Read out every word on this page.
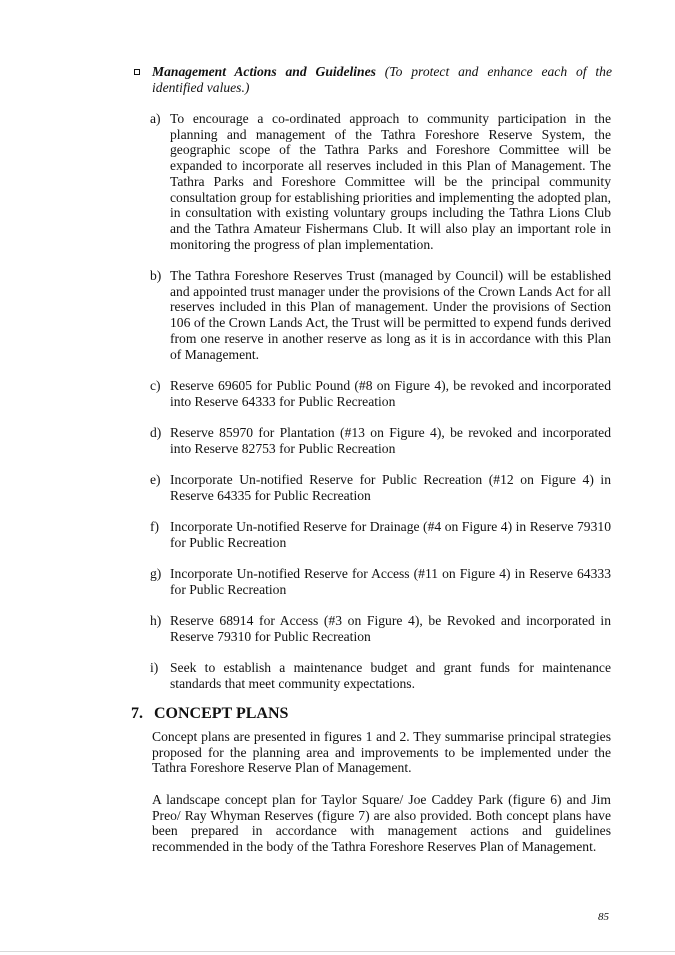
Management Actions and Guidelines (To protect and enhance each of the identified values.)
a) To encourage a co-ordinated approach to community participation in the planning and management of the Tathra Foreshore Reserve System, the geographic scope of the Tathra Parks and Foreshore Committee will be expanded to incorporate all reserves included in this Plan of Management. The Tathra Parks and Foreshore Committee will be the principal community consultation group for establishing priorities and implementing the adopted plan, in consultation with existing voluntary groups including the Tathra Lions Club and the Tathra Amateur Fishermans Club. It will also play an important role in monitoring the progress of plan implementation.
b) The Tathra Foreshore Reserves Trust (managed by Council) will be established and appointed trust manager under the provisions of the Crown Lands Act for all reserves included in this Plan of management. Under the provisions of Section 106 of the Crown Lands Act, the Trust will be permitted to expend funds derived from one reserve in another reserve as long as it is in accordance with this Plan of Management.
c) Reserve 69605 for Public Pound (#8 on Figure 4), be revoked and incorporated into Reserve 64333 for Public Recreation
d) Reserve 85970 for Plantation (#13 on Figure 4), be revoked and incorporated into Reserve 82753 for Public Recreation
e) Incorporate Un-notified Reserve for Public Recreation (#12 on Figure 4) in Reserve 64335 for Public Recreation
f) Incorporate Un-notified Reserve for Drainage (#4 on Figure 4) in Reserve 79310 for Public Recreation
g) Incorporate Un-notified Reserve for Access (#11 on Figure 4) in Reserve 64333 for Public Recreation
h) Reserve 68914 for Access (#3 on Figure 4), be Revoked and incorporated in Reserve 79310 for Public Recreation
i) Seek to establish a maintenance budget and grant funds for maintenance standards that meet community expectations.
7. CONCEPT PLANS
Concept plans are presented in figures 1 and 2. They summarise principal strategies proposed for the planning area and improvements to be implemented under the Tathra Foreshore Reserve Plan of Management.
A landscape concept plan for Taylor Square/ Joe Caddey Park (figure 6) and Jim Preo/ Ray Whyman Reserves (figure 7) are also provided. Both concept plans have been prepared in accordance with management actions and guidelines recommended in the body of the Tathra Foreshore Reserves Plan of Management.
85
